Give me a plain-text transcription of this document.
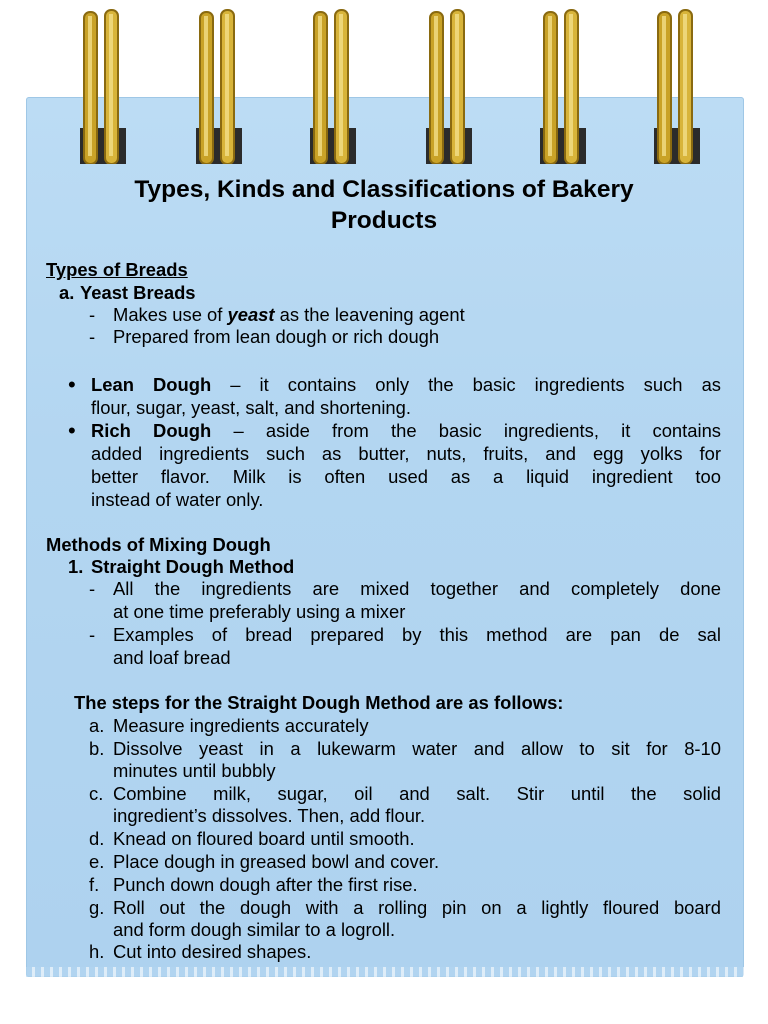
Types, Kinds and Classifications of Bakery
Products
Types of Breads
a. Yeast Breads
- Makes use of yeast as the leavening agent
- Prepared from lean dough or rich dough
• Lean Dough – it contains only the basic ingredients such as
flour, sugar, yeast, salt, and shortening.
• Rich Dough – aside from the basic ingredients, it contains
added ingredients such as butter, nuts, fruits, and egg yolks for
better flavor. Milk is often used as a liquid ingredient too
instead of water only.
Methods of Mixing Dough
1. Straight Dough Method
- All the ingredients are mixed together and completely done
at one time preferably using a mixer
- Examples of bread prepared by this method are pan de sal
and loaf bread
The steps for the Straight Dough Method are as follows:
a. Measure ingredients accurately
b. Dissolve yeast in a lukewarm water and allow to sit for 8-10
minutes until bubbly
c. Combine milk, sugar, oil and salt. Stir until the solid
ingredient’s dissolves. Then, add flour.
d. Knead on floured board until smooth.
e. Place dough in greased bowl and cover.
f. Punch down dough after the first rise.
g. Roll out the dough with a rolling pin on a lightly floured board
and form dough similar to a logroll.
h. Cut into desired shapes.
